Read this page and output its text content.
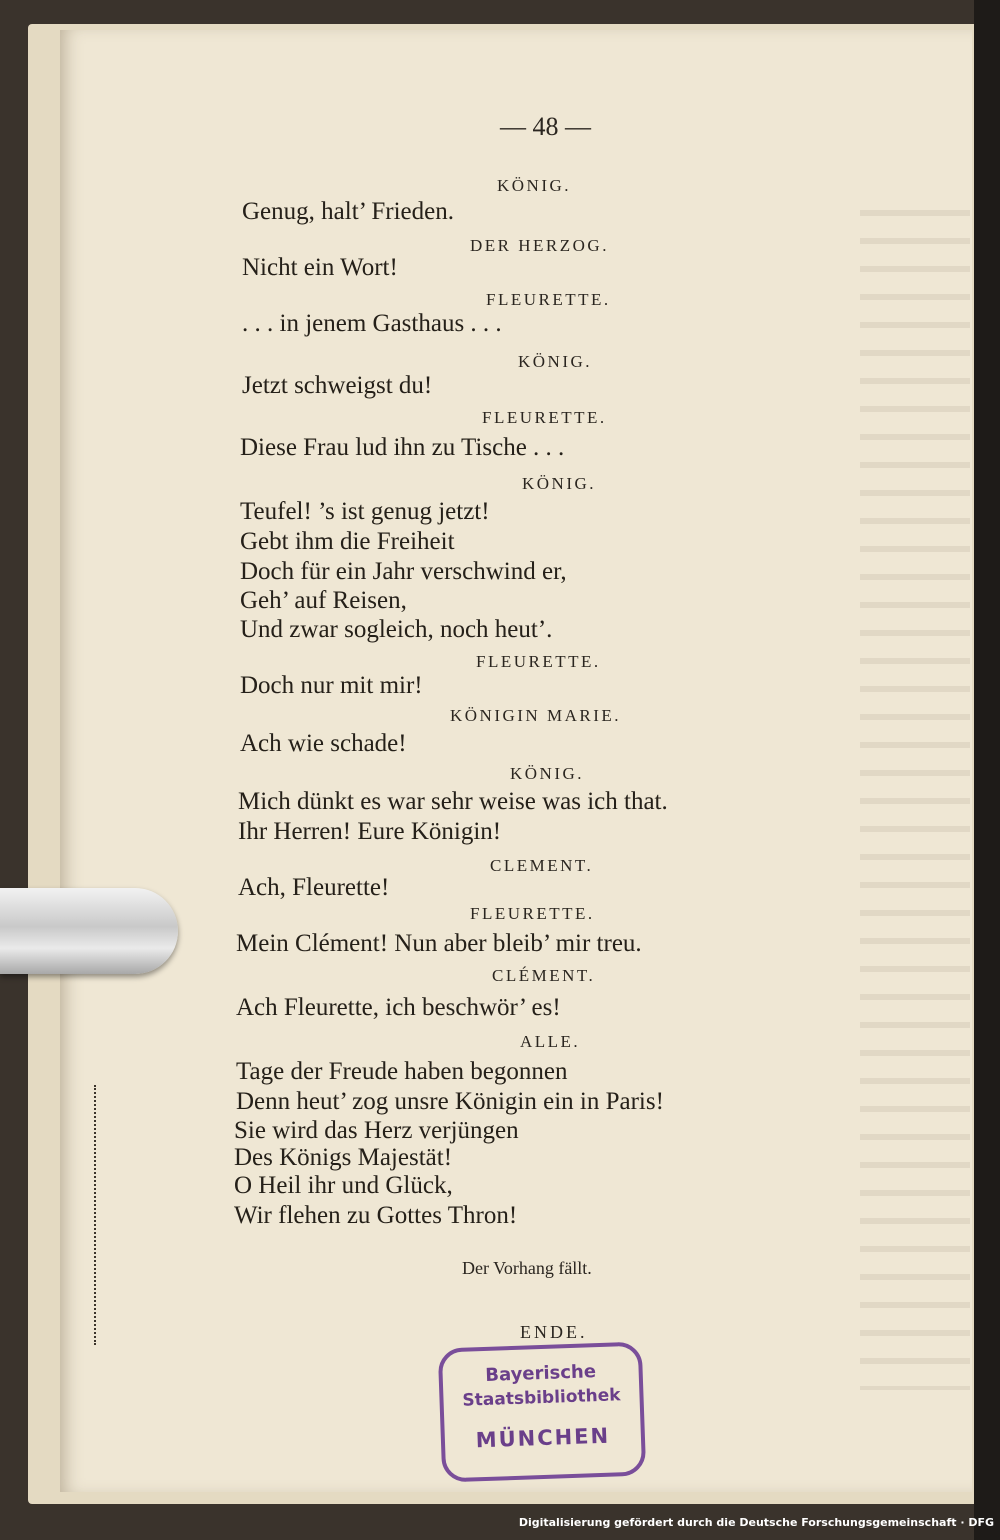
— 48 —
KÖNIG.
Genug, halt’ Frieden.
DER HERZOG.
Nicht ein Wort!
FLEURETTE.
. . . in jenem Gasthaus . . .
KÖNIG.
Jetzt schweigst du!
FLEURETTE.
Diese Frau lud ihn zu Tische . . .
KÖNIG.
Teufel! ’s ist genug jetzt!
Gebt ihm die Freiheit
Doch für ein Jahr verschwind er,
Geh’ auf Reisen,
Und zwar sogleich, noch heut’.
FLEURETTE.
Doch nur mit mir!
KÖNIGIN MARIE.
Ach wie schade!
KÖNIG.
Mich dünkt es war sehr weise was ich that.
Ihr Herren! Eure Königin!
CLEMENT.
Ach, Fleurette!
FLEURETTE.
Mein Clément! Nun aber bleib’ mir treu.
CLÉMENT.
Ach Fleurette, ich beschwör’ es!
ALLE.
Tage der Freude haben begonnen
Denn heut’ zog unsre Königin ein in Paris!
Sie wird das Herz verjüngen
Des Königs Majestät!
O Heil ihr und Glück,
Wir flehen zu Gottes Thron!
Der Vorhang fällt.
ENDE.
Bayerische
Staatsbibliothek
MÜNCHEN
Digitalisierung gefördert durch die Deutsche Forschungsgemeinschaft · DFG
